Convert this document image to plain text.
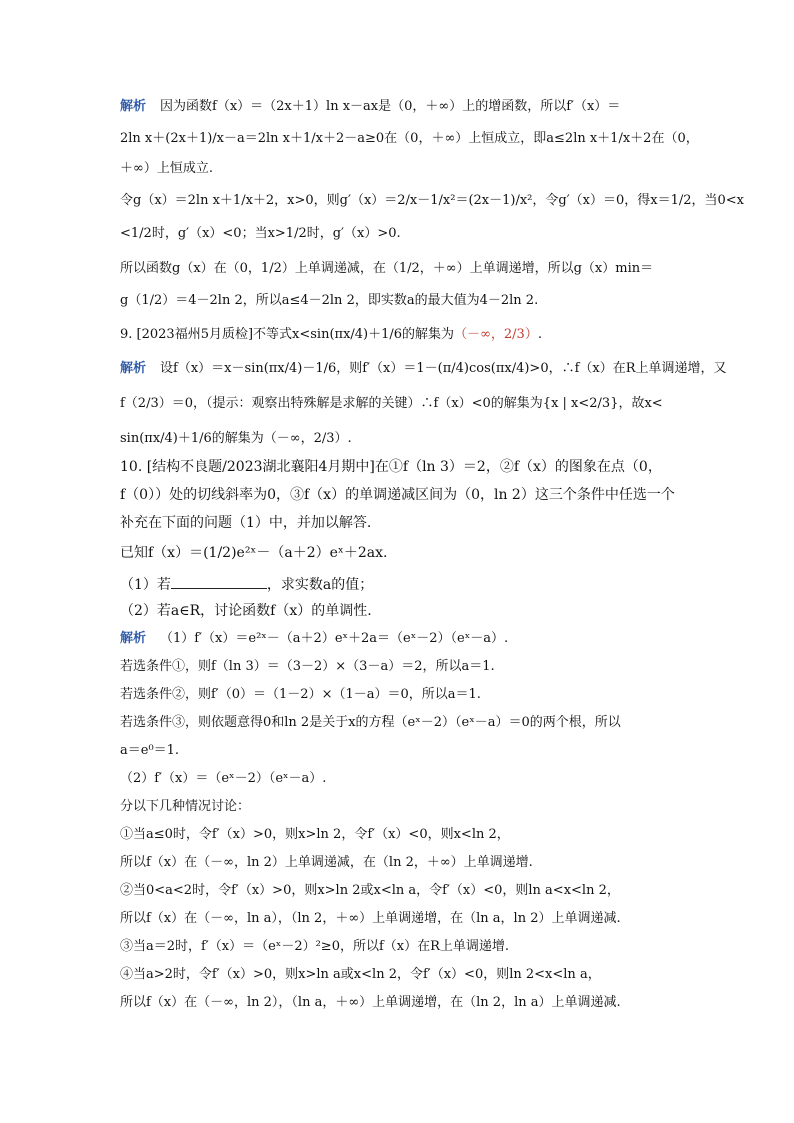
解析 因为函数f（x）＝（2x＋1）ln x－ax是（0，＋∞）上的增函数，所以f′（x）＝
2ln x＋(2x＋1)/x－a＝2ln x＋1/x＋2－a≥0在（0，＋∞）上恒成立，即a≤2ln x＋1/x＋2在（0，
＋∞）上恒成立.
令g（x）＝2ln x＋1/x＋2，x>0，则g′（x）＝2/x－1/x²＝(2x－1)/x²，令g′（x）＝0，得x＝1/2，当0<x
<1/2时，g′（x）<0；当x>1/2时，g′（x）>0.
所以函数g（x）在（0，1/2）上单调递减，在（1/2，＋∞）上单调递增，所以g（x）min＝
g（1/2）＝4－2ln 2，所以a≤4－2ln 2，即实数a的最大值为4－2ln 2.
9. [2023福州5月质检]不等式x<sin(πx/4)＋1/6的解集为（－∞，2/3）.
解析 设f（x）＝x－sin(πx/4)－1/6，则f′（x）＝1－(π/4)cos(πx/4)>0，∴f（x）在R上单调递增，又
f（2/3）＝0，（提示：观察出特殊解是求解的关键）∴f（x）<0的解集为{x | x<2/3}，故x<
sin(πx/4)＋1/6的解集为（－∞，2/3）.
10. [结构不良题/2023湖北襄阳4月期中]在①f（ln 3）＝2，②f（x）的图象在点（0，
f（0））处的切线斜率为0，③f（x）的单调递减区间为（0，ln 2）这三个条件中任选一个
补充在下面的问题（1）中，并加以解答.
已知f（x）＝(1/2)e²ˣ－（a＋2）eˣ＋2ax.
（1）若	，求实数a的值；
（2）若a∈R，讨论函数f（x）的单调性.
解析 （1）f′（x）＝e²ˣ－（a＋2）eˣ＋2a＝（eˣ－2）（eˣ－a）.
若选条件①，则f（ln 3）＝（3－2）×（3－a）＝2，所以a＝1.
若选条件②，则f′（0）＝（1－2）×（1－a）＝0，所以a＝1.
若选条件③，则依题意得0和ln 2是关于x的方程（eˣ－2）（eˣ－a）＝0的两个根，所以
a＝e⁰＝1.
（2）f′（x）＝（eˣ－2）（eˣ－a）.
分以下几种情况讨论：
①当a≤0时，令f′（x）>0，则x>ln 2，令f′（x）<0，则x<ln 2，
所以f（x）在（－∞，ln 2）上单调递减，在（ln 2，＋∞）上单调递增.
②当0<a<2时，令f′（x）>0，则x>ln 2或x<ln a，令f′（x）<0，则ln a<x<ln 2，
所以f（x）在（－∞，ln a），（ln 2，＋∞）上单调递增，在（ln a，ln 2）上单调递减.
③当a＝2时，f′（x）＝（eˣ－2）²≥0，所以f（x）在R上单调递增.
④当a>2时，令f′（x）>0，则x>ln a或x<ln 2，令f′（x）<0，则ln 2<x<ln a，
所以f（x）在（－∞，ln 2），（ln a，＋∞）上单调递增，在（ln 2，ln a）上单调递减.
